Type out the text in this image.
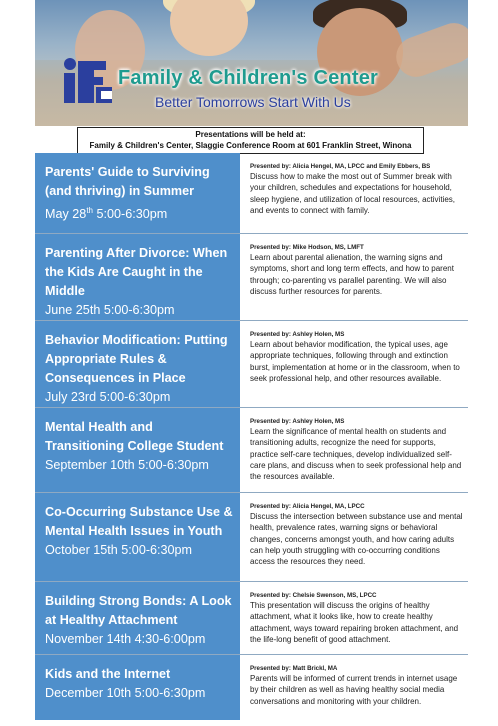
Family & Children's Center
Better Tomorrows Start With Us
Presentations will be held at:
Family & Children's Center, Slaggie Conference Room at 601 Franklin Street, Winona
Parents' Guide to Surviving (and thriving) in Summer
May 28th 5:00-6:30pm
Presented by: Alicia Hengel, MA, LPCC and Emily Ebbers, BS
Discuss how to make the most out of Summer break with your children, schedules and expectations for household, sleep hygiene, and utilization of local resources, activities, and events to connect with family.
Parenting After Divorce: When the Kids Are Caught in the Middle
June 25th 5:00-6:30pm
Presented by: Mike Hodson, MS, LMFT
Learn about parental alienation, the warning signs and symptoms, short and long term effects, and how to parent through; co-parenting vs parallel parenting. We will also discuss further resources for parents.
Behavior Modification: Putting Appropriate Rules & Consequences in Place
July 23rd 5:00-6:30pm
Presented by: Ashley Holen, MS
Learn about behavior modification, the typical uses, age appropriate techniques, following through and extinction burst, implementation at home or in the classroom, when to seek professional help, and other resources available.
Mental Health and Transitioning College Student
September 10th 5:00-6:30pm
Presented by: Ashley Holen, MS
Learn the significance of mental health on students and transitioning adults, recognize the need for supports, practice self-care techniques, develop individualized self-care plans, and discuss when to seek professional help and the resources available.
Co-Occurring Substance Use & Mental Health Issues in Youth
October 15th 5:00-6:30pm
Presented by: Alicia Hengel, MA, LPCC
Discuss the intersection between substance use and mental health, prevalence rates, warning signs or behavioral changes, concerns amongst youth, and how caring adults can help youth struggling with co-occurring conditions access the resources they need.
Building Strong Bonds: A Look at Healthy Attachment
November 14th 4:30-6:00pm
Presented by: Chelsie Swenson, MS, LPCC
This presentation will discuss the origins of healthy attachment, what it looks like, how to create healthy attachment, ways toward repairing broken attachment, and the life-long benefit of good attachment.
Kids and the Internet
December 10th 5:00-6:30pm
Presented by: Matt Brickl, MA
Parents will be informed of current trends in internet usage by their children as well as having healthy social media conversations and monitoring with your children.
